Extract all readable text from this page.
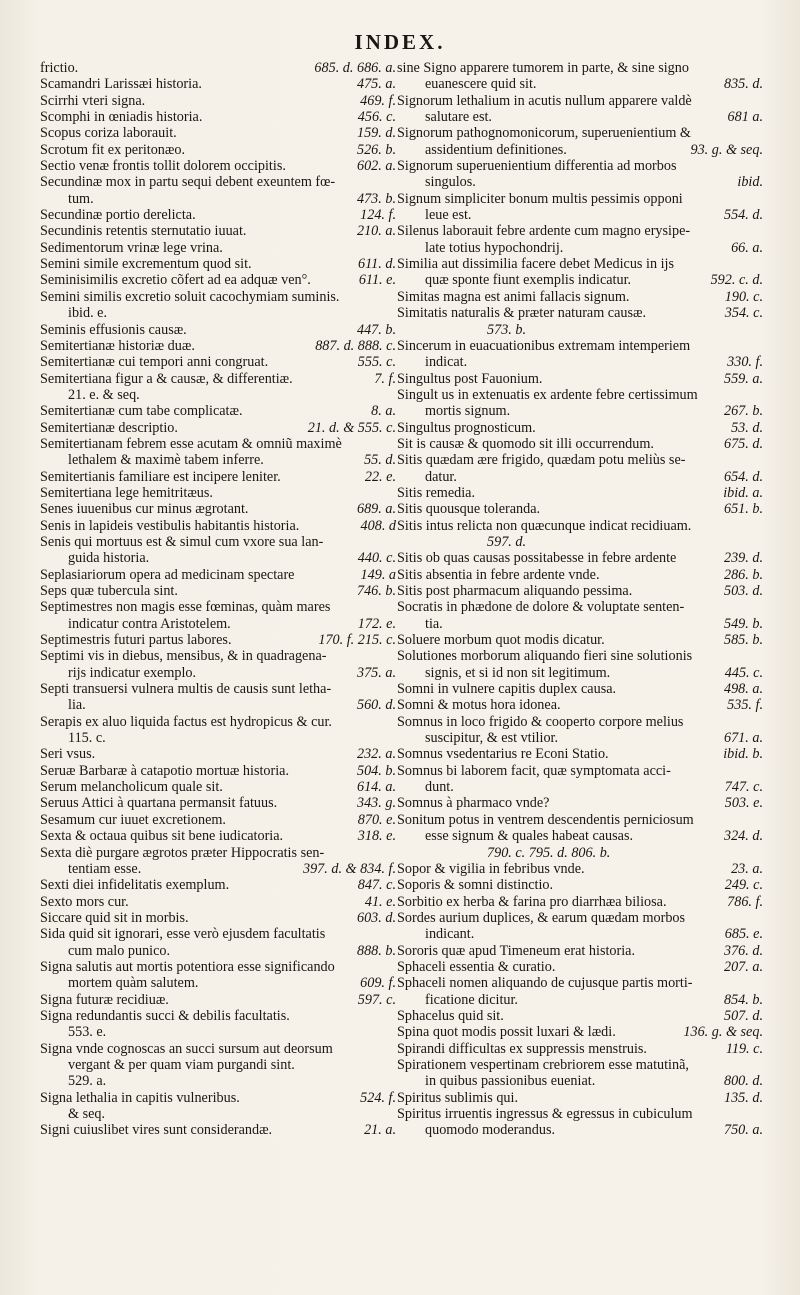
INDEX.
frictio.	685. d. 686. a.
Scamandri Larissæi historia.	475. a.
Scirrhi vteri signa.	469. f.
Scomphi in œniadis historia.	456. c.
Scopus coriza laborauit.	159. d.
Scrotum fit ex peritonæo.	526. b.
Sectio venæ frontis tollit dolorem occipitis.	602. a.
Secundinæ mox in partu sequi debent exeuntem fœ-
tum.	473. b.
Secundinæ portio derelicta.	124. f.
Secundinis retentis sternutatio iuuat.	210. a.
Sedimentorum vrinæ lege vrina.
Semini simile excrementum quod sit.	611. d.
Seminisimilis excretio cõfert ad ea adquæ ven°.	611. e.
Semini similis excretio soluit cacochymiam suminis.
ibid. e.
Seminis effusionis causæ.	447. b.
Semitertianæ historiæ duæ.	887. d. 888. c.
Semitertianæ cui tempori anni congruat.	555. c.
Semitertiana figur a & causæ, & differentiæ.	7. f.
21. e. & seq.
Semitertianæ cum tabe complicatæ.	8. a.
Semitertianæ descriptio.	21. d. & 555. c.
Semitertianam febrem esse acutam & omniũ maximè
lethalem & maximè tabem inferre.	55. d.
Semitertianis familiare est incipere leniter.	22. e.
Semitertiana lege hemitritæus.
Senes iuuenibus cur minus ægrotant.	689. a.
Senis in lapideis vestibulis habitantis historia.	408. d
Senis qui mortuus est & simul cum vxore sua lan-
guida historia.	440. c.
Seplasiariorum opera ad medicinam spectare	149. a
Seps quæ tubercula sint.	746. b.
Septimestres non magis esse fœminas, quàm mares
indicatur contra Aristotelem.	172. e.
Septimestris futuri partus labores.	170. f. 215. c.
Septimi vis in diebus, mensibus, & in quadragena-
rijs indicatur exemplo.	375. a.
Septi transuersi vulnera multis de causis sunt letha-
lia.	560. d.
Serapis ex aluo liquida factus est hydropicus & cur.
115. c.
Seri vsus.	232. a.
Seruæ Barbaræ à catapotio mortuæ historia.	504. b.
Serum melancholicum quale sit.	614. a.
Seruus Attici à quartana permansit fatuus.	343. g.
Sesamum cur iuuet excretionem.	870. e.
Sexta & octaua quibus sit bene iudicatoria.	318. e.
Sexta diè purgare ægrotos præter Hippocratis sen-
tentiam esse.	397. d. & 834. f.
Sexti diei infidelitatis exemplum.	847. c.
Sexto mors cur.	41. e.
Siccare quid sit in morbis.	603. d.
Sida quid sit ignorari, esse verò ejusdem facultatis
cum malo punico.	888. b.
Signa salutis aut mortis potentiora esse significando
mortem quàm salutem.	609. f.
Signa futuræ recidiuæ.	597. c.
Signa redundantis succi & debilis facultatis.
553. e.
Signa vnde cognoscas an succi sursum aut deorsum
vergant & per quam viam purgandi sint.
529. a.
Signa lethalia in capitis vulneribus.	524. f.
& seq.
Signi cuiuslibet vires sunt considerandæ.	21. a.
sine Signo apparere tumorem in parte, & sine signo
euanescere quid sit.	835. d.
Signorum lethalium in acutis nullum apparere valdè
salutare est.	681 a.
Signorum pathognomonicorum, superuenientium &
assidentium definitiones.	93. g. & seq.
Signorum superuenientium differentia ad morbos
singulos.	ibid.
Signum simpliciter bonum multis pessimis opponi
leue est.	554. d.
Silenus laborauit febre ardente cum magno erysipe-
late totius hypochondrij.	66. a.
Similia aut dissimilia facere debet Medicus in ijs
quæ sponte fiunt exemplis indicatur.	592. c. d.
Simitas magna est animi fallacis signum.	190. c.
Simitatis naturalis & præter naturam causæ.	354. c.
573. b.
Sincerum in euacuationibus extremam intemperiem
indicat.	330. f.
Singultus post Fauonium.	559. a.
Singult us in extenuatis ex ardente febre certissimum
mortis signum.	267. b.
Singultus prognosticum.	53. d.
Sit is causæ & quomodo sit illi occurrendum.	675. d.
Sitis quædam ære frigido, quædam potu meliùs se-
datur.	654. d.
Sitis remedia.	ibid. a.
Sitis quousque toleranda.	651. b.
Sitis intus relicta non quæcunque indicat recidiuam.
597. d.
Sitis ob quas causas possitabesse in febre ardente	239. d.
Sitis absentia in febre ardente vnde.	286. b.
Sitis post pharmacum aliquando pessima.	503. d.
Socratis in phædone de dolore & voluptate senten-
tia.	549. b.
Soluere morbum quot modis dicatur.	585. b.
Solutiones morborum aliquando fieri sine solutionis
signis, et si id non sit legitimum.	445. c.
Somni in vulnere capitis duplex causa.	498. a.
Somni & motus hora idonea.	535. f.
Somnus in loco frigido & cooperto corpore melius
suscipitur, & est vtilior.	671. a.
Somnus vsedentarius re Econi Statio.	ibid. b.
Somnus bi laborem facit, quæ symptomata acci-
dunt.	747. c.
Somnus à pharmaco vnde?	503. e.
Sonitum potus in ventrem descendentis perniciosum
esse signum & quales habeat causas.	324. d.
790. c. 795. d. 806. b.
Sopor & vigilia in febribus vnde.	23. a.
Soporis & somni distinctio.	249. c.
Sorbitio ex herba & farina pro diarrhæa biliosa.	786. f.
Sordes aurium duplices, & earum quædam morbos
indicant.	685. e.
Sororis quæ apud Timeneum erat historia.	376. d.
Sphaceli essentia & curatio.	207. a.
Sphaceli nomen aliquando de cujusque partis morti-
ficatione dicitur.	854. b.
Sphacelus quid sit.	507. d.
Spina quot modis possit luxari & lædi.	136. g. & seq.
Spirandi difficultas ex suppressis menstruis.	119. c.
Spirationem vespertinam crebriorem esse matutinã,
in quibus passionibus eueniat.	800. d.
Spiritus sublimis qui.	135. d.
Spiritus irruentis ingressus & egressus in cubiculum
quomodo moderandus.	750. a.
